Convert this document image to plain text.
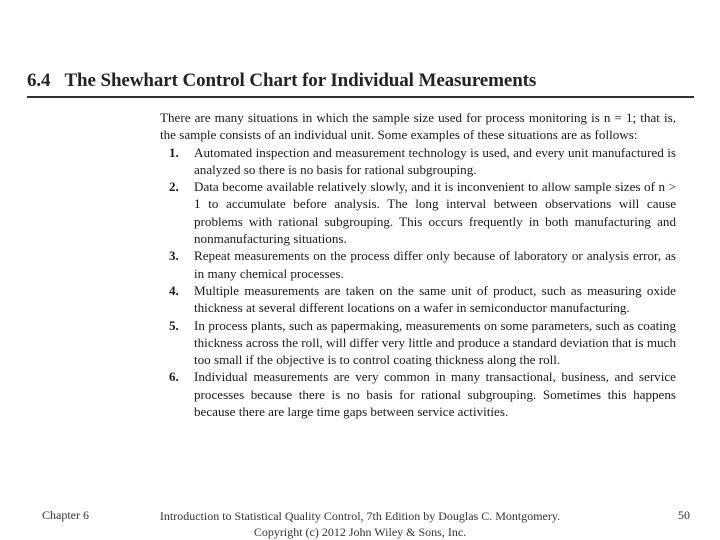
6.4 The Shewhart Control Chart for Individual Measurements

There are many situations in which the sample size used for process monitoring is n = 1; that is, the sample consists of an individual unit. Some examples of these situations are as follows:

1. Automated inspection and measurement technology is used, and every unit manufactured is analyzed so there is no basis for rational subgrouping.
2. Data become available relatively slowly, and it is inconvenient to allow sample sizes of n > 1 to accumulate before analysis. The long interval between observations will cause problems with rational subgrouping. This occurs frequently in both manufacturing and nonmanufacturing situations.
3. Repeat measurements on the process differ only because of laboratory or analysis error, as in many chemical processes.
4. Multiple measurements are taken on the same unit of product, such as measuring oxide thickness at several different locations on a wafer in semiconductor manufacturing.
5. In process plants, such as papermaking, measurements on some parameters, such as coating thickness across the roll, will differ very little and produce a standard deviation that is much too small if the objective is to control coating thickness along the roll.
6. Individual measurements are very common in many transactional, business, and service processes because there is no basis for rational subgrouping. Sometimes this happens because there are large time gaps between service activities.
Chapter 6	Introduction to Statistical Quality Control, 7th Edition by Douglas C. Montgomery.
Copyright (c) 2012 John Wiley & Sons, Inc.
50
